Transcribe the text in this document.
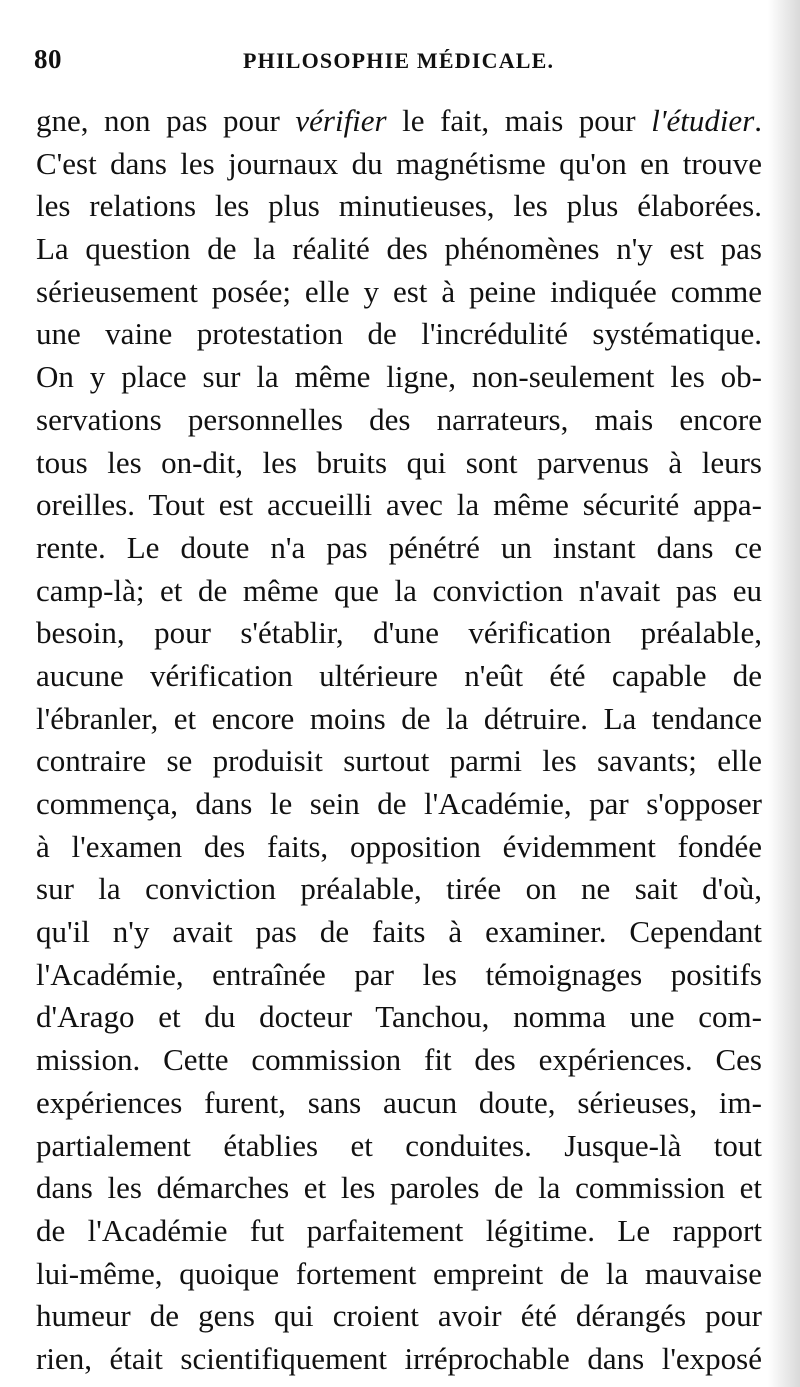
80	PHILOSOPHIE MÉDICALE.
gne, non pas pour vérifier le fait, mais pour l'étudier.
C'est dans les journaux du magnétisme qu'on en trouve
les relations les plus minutieuses, les plus élaborées.
La question de la réalité des phénomènes n'y est pas
sérieusement posée; elle y est à peine indiquée comme
une vaine protestation de l'incrédulité systématique.
On y place sur la même ligne, non-seulement les ob-
servations personnelles des narrateurs, mais encore
tous les on-dit, les bruits qui sont parvenus à leurs
oreilles. Tout est accueilli avec la même sécurité appa-
rente. Le doute n'a pas pénétré un instant dans ce
camp-là; et de même que la conviction n'avait pas eu
besoin, pour s'établir, d'une vérification préalable,
aucune vérification ultérieure n'eût été capable de
l'ébranler, et encore moins de la détruire. La tendance
contraire se produisit surtout parmi les savants; elle
commença, dans le sein de l'Académie, par s'opposer
à l'examen des faits, opposition évidemment fondée
sur la conviction préalable, tirée on ne sait d'où,
qu'il n'y avait pas de faits à examiner. Cependant
l'Académie, entraînée par les témoignages positifs
d'Arago et du docteur Tanchou, nomma une com-
mission. Cette commission fit des expériences. Ces
expériences furent, sans aucun doute, sérieuses, im-
partialement établies et conduites. Jusque-là tout
dans les démarches et les paroles de la commission et
de l'Académie fut parfaitement légitime. Le rapport
lui-même, quoique fortement empreint de la mauvaise
humeur de gens qui croient avoir été dérangés pour
rien, était scientifiquement irréprochable dans l'exposé
